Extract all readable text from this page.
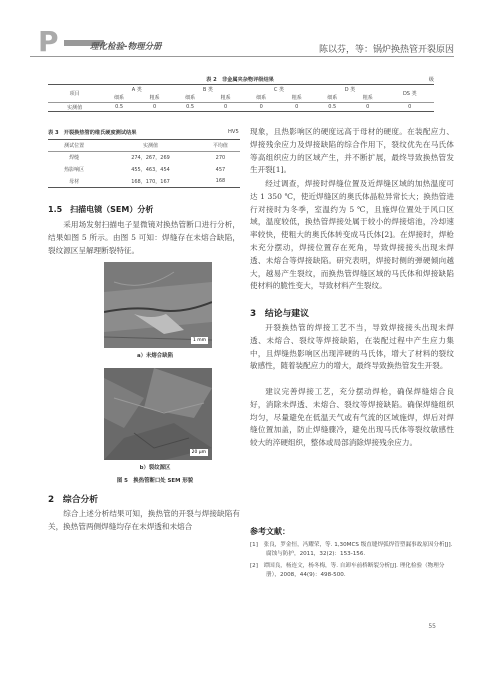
P	理化检验-物理分册	陈以芬，等：锅炉换热管开裂原因
表 2　非金属夹杂物评级结果	级
项目	A 类		B 类		C 类		D 类		DS 类
	细系	粗系	细系	粗系	细系	粗系	细系	粗系	
实测值	0.5	0	0.5	0	0	0	0.5	0	0
表 3　开裂换热管的维氏硬度测试结果	HV5
测试位置	实测值	平均值
焊缝	274，267，269	270
热影响区	455，463，454	457
母材	168，170，167	168
1.5　扫描电镜（SEM）分析
采用场发射扫描电子显微镜对换热管断口进行分析，结果如图 5 所示。由图 5 可知：焊缝存在未熔合缺陷，裂纹源区呈解理断裂特征。
1 mm
a）未熔合缺陷
20 μm
b）裂纹源区
图 5　换热管断口处 SEM 形貌
2　综合分析
综合上述分析结果可知，换热管的开裂与焊接缺陷有关，换热管两侧焊缝均存在未焊透和未熔合
现象，且热影响区的硬度远高于母材的硬度。在装配应力、焊接残余应力及焊接缺陷的综合作用下，裂纹优先在马氏体等高组织应力的区域产生，并不断扩展，最终导致换热管发生开裂[1]。
经过调查，焊接时焊缝位置及近焊缝区域的加热温度可达 1 350 ℃，使近焊缝区的奥氏体晶粒异常长大；换热管进行对接时为冬季，室温约为 5 ℃，且施焊位置处于风口区域，温度较低，换热管焊接处属于较小的焊接熔池，冷却速率较快，使粗大的奥氏体转变成马氏体[2]。在焊接时，焊枪未充分摆动，焊接位置存在死角，导致焊接接头出现未焊透、未熔合等焊接缺陷。研究表明，焊接时侧的弹硬倾向越大，越易产生裂纹，而换热管焊缝区域的马氏体和焊接缺陷使材料的脆性变大，导致材料产生裂纹。
3　结论与建议
开裂换热管的焊接工艺不当，导致焊接接头出现未焊透、未熔合、裂纹等焊接缺陷，在装配过程中产生应力集中，且焊缝热影响区出现淬硬的马氏体，增大了材料的裂纹敏感性，随着装配应力的增大，最终导致换热管发生开裂。
建议完善焊接工艺，充分摆动焊枪，确保焊缝熔合良好，消除未焊透、未熔合、裂纹等焊接缺陷。确保焊缝组织均匀，尽量避免在低温天气或有气流的区域施焊，焊后对焊缝位置加盖，防止焊缝骤冷，避免出现马氏体等裂纹敏感性较大的淬硬组织，整体或局部消除焊接残余应力。
参考文献：
[1]　张良，罗金恒，冯耀荣，等. 1,30MCS 级直缝焊弧焊管塑漏事故原因分析[J]. 腐蚀与防护，2011，32(2)：153-156.
[2]　谭国良，杨连文，杨冬梅，等. 自卸车前桥断裂分析[J]. 理化检验（物理分册），2008，44(9)：498-500.
55
